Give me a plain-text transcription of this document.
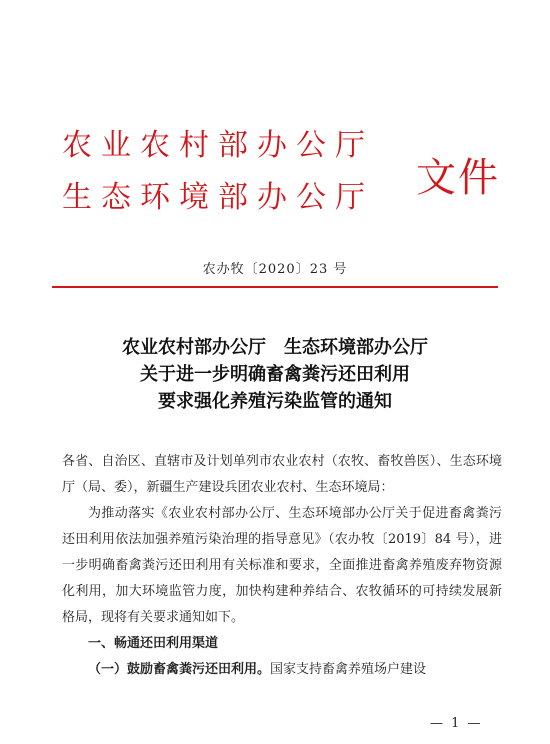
农业农村部办公厅
生态环境部办公厅	文件
农办牧〔2020〕23 号
农业农村部办公厅　生态环境部办公厅
关于进一步明确畜禽粪污还田利用
要求强化养殖污染监管的通知

各省、自治区、直辖市及计划单列市农业农村（农牧、畜牧兽医）、生态环境厅（局、委），新疆生产建设兵团农业农村、生态环境局：

为推动落实《农业农村部办公厅、生态环境部办公厅关于促进畜禽粪污还田利用依法加强养殖污染治理的指导意见》（农办牧〔2019〕84 号），进一步明确畜禽粪污还田利用有关标准和要求，全面推进畜禽养殖废弃物资源化利用，加大环境监管力度，加快构建种养结合、农牧循环的可持续发展新格局，现将有关要求通知如下。

一、畅通还田利用渠道

（一）鼓励畜禽粪污还田利用。国家支持畜禽养殖场户建设

— 1 —
